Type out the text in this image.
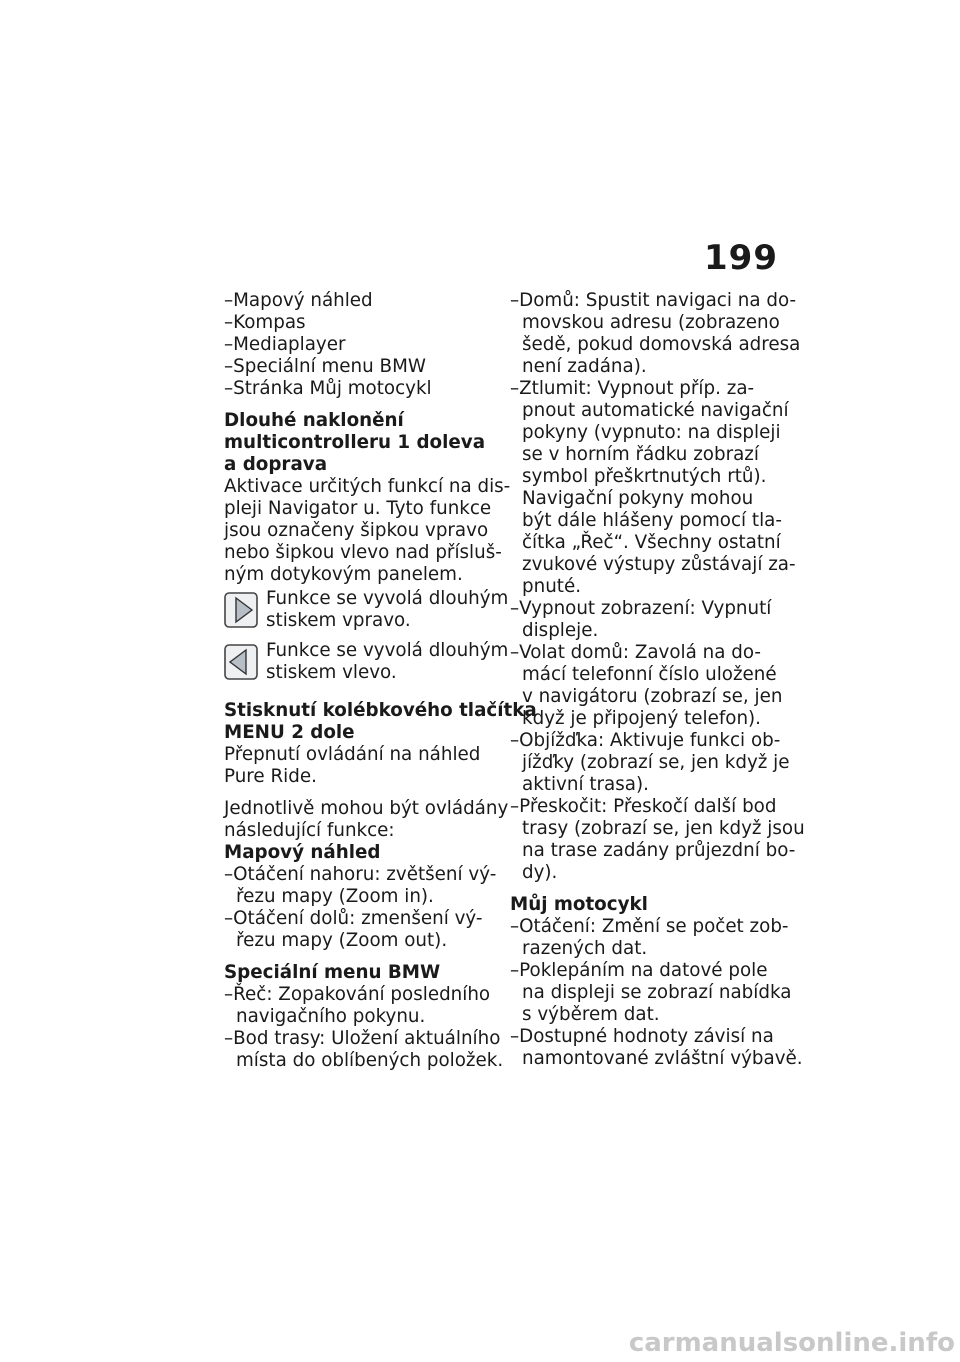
199
–Mapový náhled
–Kompas
–Mediaplayer
–Speciální menu BMW
–Stránka Můj motocykl
Dlouhé naklonění
multicontrolleru 1 doleva
a doprava
Aktivace určitých funkcí na dis-
pleji Navigator u. Tyto funkce
jsou označeny šipkou vpravo
nebo šipkou vlevo nad přísluš-
ným dotykovým panelem.
Funkce se vyvolá dlouhým
stiskem vpravo.
Funkce se vyvolá dlouhým
stiskem vlevo.
Stisknutí kolébkového tlačítka
MENU 2 dole
Přepnutí ovládání na náhled
Pure Ride.
Jednotlivě mohou být ovládány
následující funkce:
Mapový náhled
–Otáčení nahoru: zvětšení vý-
řezu mapy (Zoom in).
–Otáčení dolů: zmenšení vý-
řezu mapy (Zoom out).
Speciální menu BMW
–Řeč: Zopakování posledního
navigačního pokynu.
–Bod trasy: Uložení aktuálního
místa do oblíbených položek.
–Domů: Spustit navigaci na do-
movskou adresu (zobrazeno
šedě, pokud domovská adresa
není zadána).
–Ztlumit: Vypnout příp. za-
pnout automatické navigační
pokyny (vypnuto: na displeji
se v horním řádku zobrazí
symbol přeškrtnutých rtů).
Navigační pokyny mohou
být dále hlášeny pomocí tla-
čítka „Řeč“. Všechny ostatní
zvukové výstupy zůstávají za-
pnuté.
–Vypnout zobrazení: Vypnutí
displeje.
–Volat domů: Zavolá na do-
mácí telefonní číslo uložené
v navigátoru (zobrazí se, jen
když je připojený telefon).
–Objížďka: Aktivuje funkci ob-
jížďky (zobrazí se, jen když je
aktivní trasa).
–Přeskočit: Přeskočí další bod
trasy (zobrazí se, jen když jsou
na trase zadány průjezdní bo-
dy).
Můj motocykl
–Otáčení: Změní se počet zob-
razených dat.
–Poklepáním na datové pole
na displeji se zobrazí nabídka
s výběrem dat.
–Dostupné hodnoty závisí na
namontované zvláštní výbavě.
carmanualsonline.info
